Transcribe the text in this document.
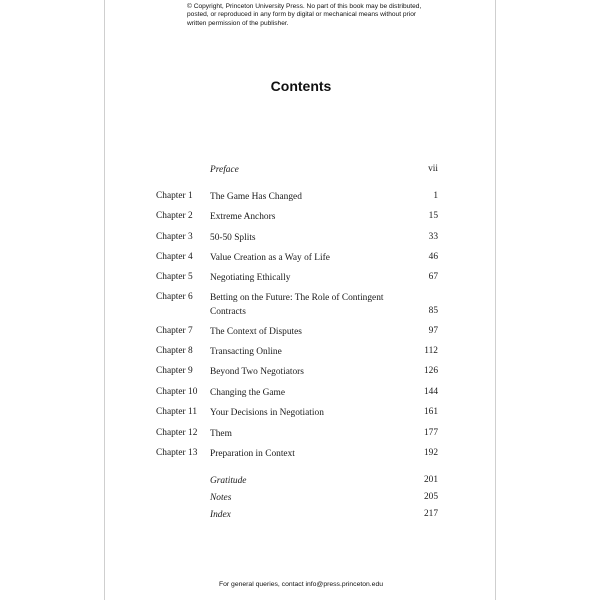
© Copyright, Princeton University Press. No part of this book may be distributed, posted, or reproduced in any form by digital or mechanical means without prior written permission of the publisher.
Contents
Preface	vii
Chapter 1 The Game Has Changed	1
Chapter 2 Extreme Anchors	15
Chapter 3 50-50 Splits	33
Chapter 4 Value Creation as a Way of Life	46
Chapter 5 Negotiating Ethically	67
Chapter 6 Betting on the Future: The Role of Contingent Contracts	85
Chapter 7 The Context of Disputes	97
Chapter 8 Transacting Online	112
Chapter 9 Beyond Two Negotiators	126
Chapter 10 Changing the Game	144
Chapter 11 Your Decisions in Negotiation	161
Chapter 12 Them	177
Chapter 13 Preparation in Context	192
Gratitude	201
Notes	205
Index	217
For general queries, contact info@press.princeton.edu
